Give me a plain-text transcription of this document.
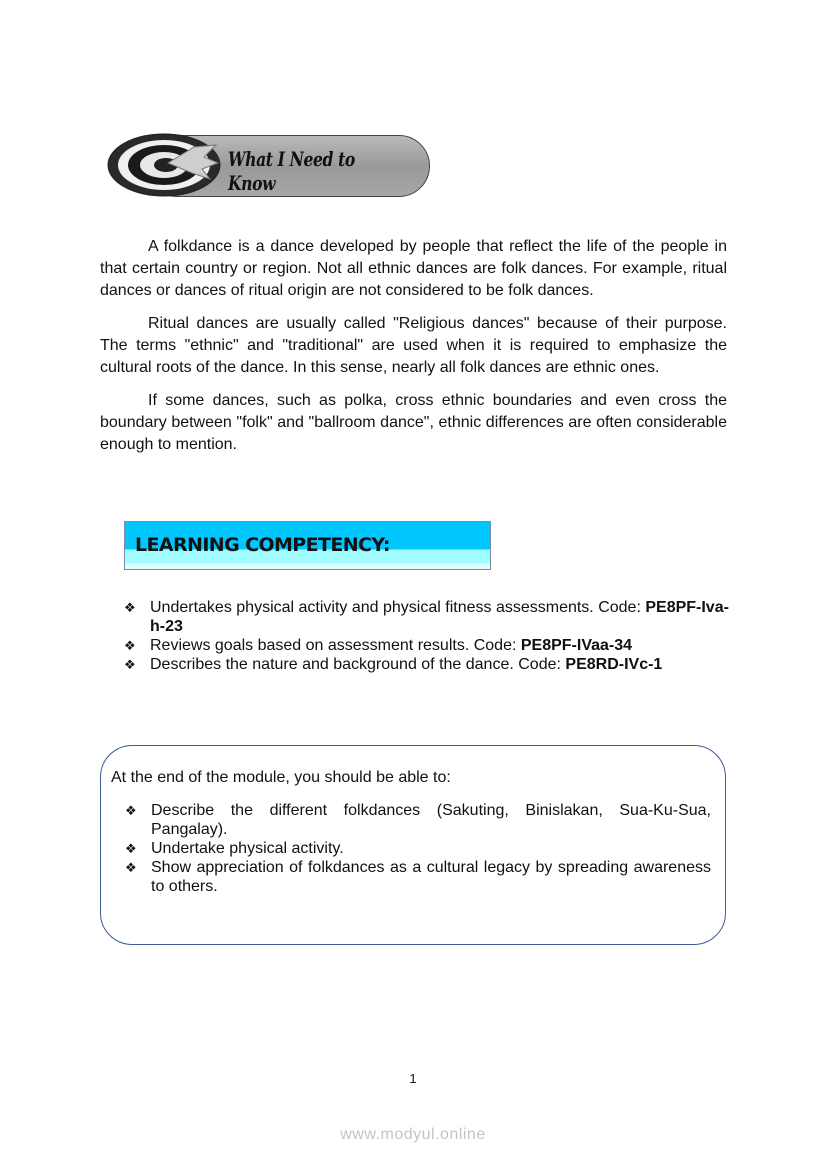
What I Need to Know

A folkdance is a dance developed by people that reflect the life of the people in that certain country or region. Not all ethnic dances are folk dances. For example, ritual dances or dances of ritual origin are not considered to be folk dances.

Ritual dances are usually called "Religious dances" because of their purpose. The terms "ethnic" and "traditional" are used when it is required to emphasize the cultural roots of the dance. In this sense, nearly all folk dances are ethnic ones.

If some dances, such as polka, cross ethnic boundaries and even cross the boundary between "folk" and "ballroom dance", ethnic differences are often considerable enough to mention.

LEARNING COMPETENCY:
❖ Undertakes physical activity and physical fitness assessments. Code: PE8PF-Iva-h-23
❖ Reviews goals based on assessment results. Code: PE8PF-IVaa-34
❖ Describes the nature and background of the dance. Code: PE8RD-IVc-1
At the end of the module, you should be able to:
❖ Describe the different folkdances (Sakuting, Binislakan, Sua-Ku-Sua, Pangalay).
❖ Undertake physical activity.
❖ Show appreciation of folkdances as a cultural legacy by spreading awareness to others.
1
www.modyul.online
